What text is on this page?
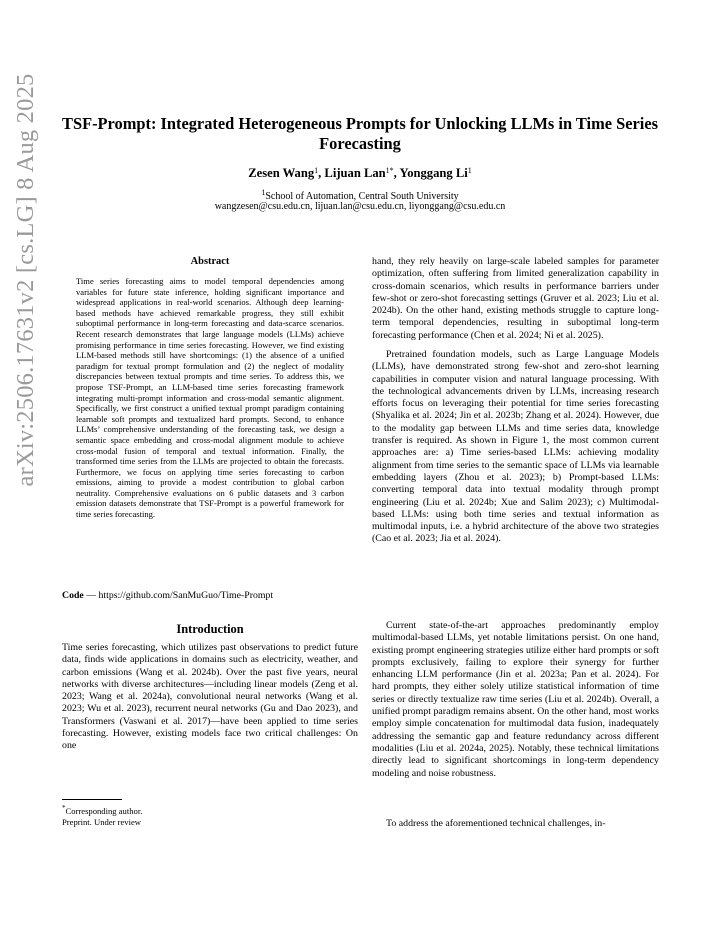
arXiv:2506.17631v2 [cs.LG] 8 Aug 2025	TSF-Prompt: Integrated Heterogeneous Prompts for Unlocking LLMs in Time Series Forecasting
Zesen Wang$^1$, Lijuan Lan$^{1*}$, Yonggang Li$^1$
$^1$School of Automation, Central South University
wangzesen@csu.edu.cn, lijuan.lan@csu.edu.cn, liyonggang@csu.edu.cn
Abstract
Time series forecasting aims to model temporal dependencies among variables for future state inference, holding significant importance and widespread applications in real-world scenarios. Although deep learning-based methods have achieved remarkable progress, they still exhibit suboptimal performance in long-term forecasting and data-scarce scenarios. Recent research demonstrates that large language models (LLMs) achieve promising performance in time series forecasting. However, we find existing LLM-based methods still have shortcomings: (1) the absence of a unified paradigm for textual prompt formulation and (2) the neglect of modality discrepancies between textual prompts and time series. To address this, we propose TSF-Prompt, an LLM-based time series forecasting framework integrating multi-prompt information and cross-modal semantic alignment. Specifically, we first construct a unified textual prompt paradigm containing learnable soft prompts and textualized hard prompts. Second, to enhance LLMs’ comprehensive understanding of the forecasting task, we design a semantic space embedding and cross-modal alignment module to achieve cross-modal fusion of temporal and textual information. Finally, the transformed time series from the LLMs are projected to obtain the forecasts. Furthermore, we focus on applying time series forecasting to carbon emissions, aiming to provide a modest contribution to global carbon neutrality. Comprehensive evaluations on 6 public datasets and 3 carbon emission datasets demonstrate that TSF-Prompt is a powerful framework for time series forecasting.
Code — https://github.com/SanMuGuo/Time-Prompt
Introduction
Time series forecasting, which utilizes past observations to predict future data, finds wide applications in domains such as electricity, weather, and carbon emissions (Wang et al. 2024b). Over the past five years, neural networks with diverse architectures—including linear models (Zeng et al. 2023; Wang et al. 2024a), convolutional neural networks (Wang et al. 2023; Wu et al. 2023), recurrent neural networks (Gu and Dao 2023), and Transformers (Vaswani et al. 2017)—have been applied to time series forecasting. However, existing models face two critical challenges: On one
*Corresponding author.
Preprint. Under review
hand, they rely heavily on large-scale labeled samples for parameter optimization, often suffering from limited generalization capability in cross-domain scenarios, which results in performance barriers under few-shot or zero-shot forecasting settings (Gruver et al. 2023; Liu et al. 2024b). On the other hand, existing methods struggle to capture long-term temporal dependencies, resulting in suboptimal long-term forecasting performance (Chen et al. 2024; Ni et al. 2025).
Pretrained foundation models, such as Large Language Models (LLMs), have demonstrated strong few-shot and zero-shot learning capabilities in computer vision and natural language processing. With the technological advancements driven by LLMs, increasing research efforts focus on leveraging their potential for time series forecasting (Shyalika et al. 2024; Jin et al. 2023b; Zhang et al. 2024). However, due to the modality gap between LLMs and time series data, knowledge transfer is required. As shown in Figure 1, the most common current approaches are: a) Time series-based LLMs: achieving modality alignment from time series to the semantic space of LLMs via learnable embedding layers (Zhou et al. 2023); b) Prompt-based LLMs: converting temporal data into textual modality through prompt engineering (Liu et al. 2024b; Xue and Salim 2023); c) Multimodal-based LLMs: using both time series and textual information as multimodal inputs, i.e. a hybrid architecture of the above two strategies (Cao et al. 2023; Jia et al. 2024).
Current state-of-the-art approaches predominantly employ multimodal-based LLMs, yet notable limitations persist. On one hand, existing prompt engineering strategies utilize either hard prompts or soft prompts exclusively, failing to explore their synergy for further enhancing LLM performance (Jin et al. 2023a; Pan et al. 2024). For hard prompts, they either solely utilize statistical information of time series or directly textualize raw time series (Liu et al. 2024b). Overall, a unified prompt paradigm remains absent. On the other hand, most works employ simple concatenation for multimodal data fusion, inadequately addressing the semantic gap and feature redundancy across different modalities (Liu et al. 2024a, 2025). Notably, these technical limitations directly lead to significant shortcomings in long-term dependency modeling and noise robustness.
To address the aforementioned technical challenges, in-
